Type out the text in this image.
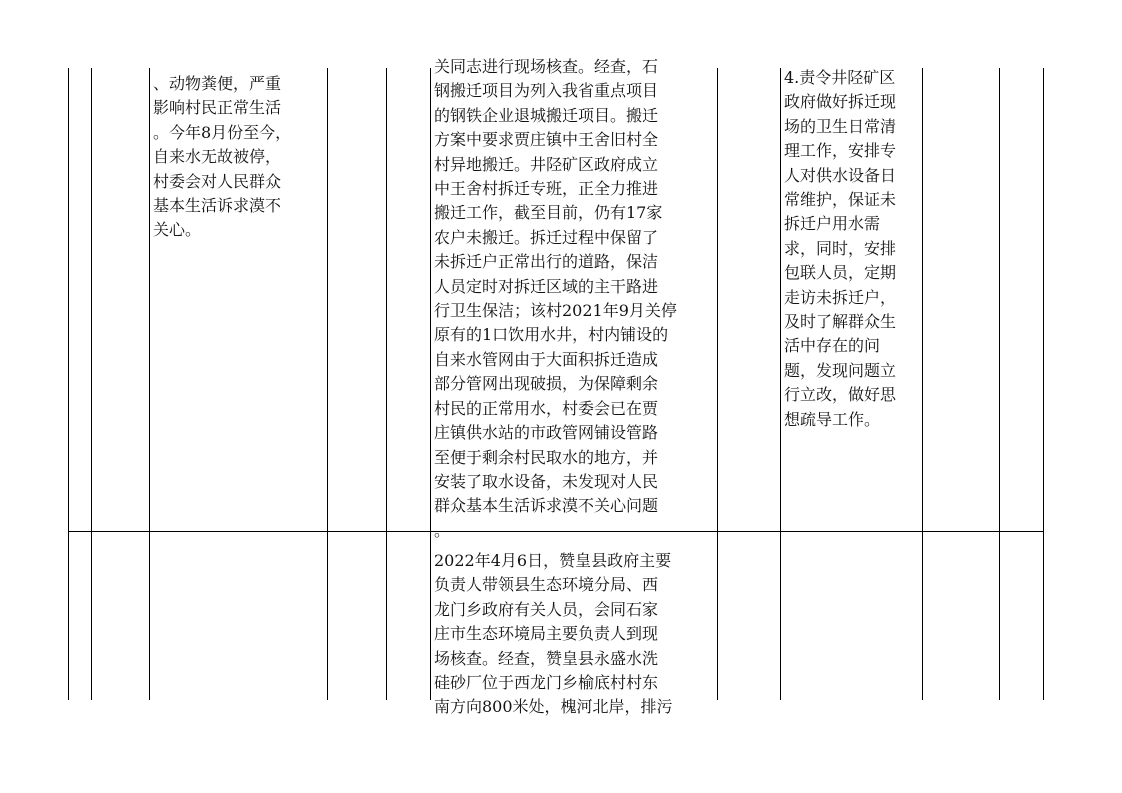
、动物粪便，严重
影响村民正常生活
。今年8月份至今，
自来水无故被停，
村委会对人民群众
基本生活诉求漠不
关心。
关同志进行现场核查。经查，石
钢搬迁项目为列入我省重点项目
的钢铁企业退城搬迁项目。搬迁
方案中要求贾庄镇中王舍旧村全
村异地搬迁。井陉矿区政府成立
中王舍村拆迁专班，正全力推进
搬迁工作，截至目前，仍有17家
农户未搬迁。拆迁过程中保留了
未拆迁户正常出行的道路，保洁
人员定时对拆迁区域的主干路进
行卫生保洁；该村2021年9月关停
原有的1口饮用水井，村内铺设的
自来水管网由于大面积拆迁造成
部分管网出现破损，为保障剩余
村民的正常用水，村委会已在贾
庄镇供水站的市政管网铺设管路
至便于剩余村民取水的地方，并
安装了取水设备，未发现对人民
群众基本生活诉求漠不关心问题
。
4.责令井陉矿区
政府做好拆迁现
场的卫生日常清
理工作，安排专
人对供水设备日
常维护，保证未
拆迁户用水需
求，同时，安排
包联人员，定期
走访未拆迁户，
及时了解群众生
活中存在的问
题，发现问题立
行立改，做好思
想疏导工作。
2022年4月6日，赞皇县政府主要
负责人带领县生态环境分局、西
龙门乡政府有关人员，会同石家
庄市生态环境局主要负责人到现
场核查。经查，赞皇县永盛水洗
硅砂厂位于西龙门乡榆底村村东
南方向800米处，槐河北岸，排污
